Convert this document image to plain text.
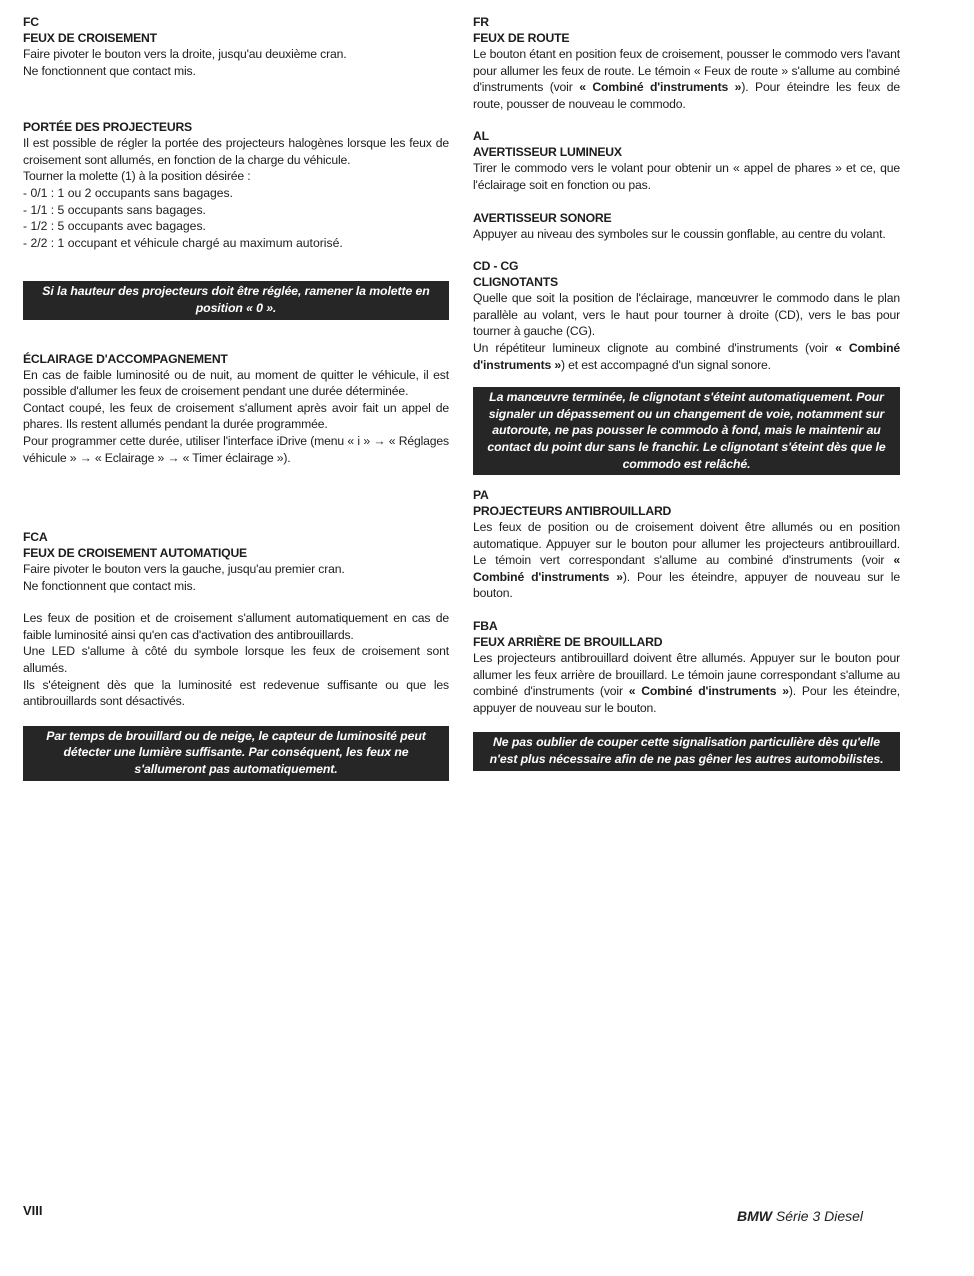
FC
FEUX DE CROISEMENT

Faire pivoter le bouton vers la droite, jusqu'au deuxième cran.

Ne fonctionnent que contact mis.

PORTÉE DES PROJECTEURS

Il est possible de régler la portée des projecteurs halogènes lorsque les feux de croisement sont allumés, en fonction de la charge du véhicule.

Tourner la molette (1) à la position désirée :

- 0/1 : 1 ou 2 occupants sans bagages.
- 1/1 : 5 occupants sans bagages.
- 1/2 : 5 occupants avec bagages.
- 2/2 : 1 occupant et véhicule chargé au maximum autorisé.
Si la hauteur des projecteurs doit être réglée, ramener la molette en position « 0 ».
ÉCLAIRAGE D'ACCOMPAGNEMENT

En cas de faible luminosité ou de nuit, au moment de quitter le véhicule, il est possible d'allumer les feux de croisement pendant une durée déterminée.

Contact coupé, les feux de croisement s'allument après avoir fait un appel de phares. Ils restent allumés pendant la durée programmée.

Pour programmer cette durée, utiliser l'interface iDrive (menu « i » → « Réglages véhicule » → « Eclairage » → « Timer éclairage »).

FCA
FEUX DE CROISEMENT AUTOMATIQUE

Faire pivoter le bouton vers la gauche, jusqu'au premier cran.

Ne fonctionnent que contact mis.

Les feux de position et de croisement s'allument automatiquement en cas de faible luminosité ainsi qu'en cas d'activation des antibrouillards.

Une LED s'allume à côté du symbole lorsque les feux de croisement sont allumés.

Ils s'éteignent dès que la luminosité est redevenue suffisante ou que les antibrouillards sont désactivés.

Par temps de brouillard ou de neige, le capteur de luminosité peut détecter une lumière suffisante. Par conséquent, les feux ne s'allumeront pas automatiquement.
FR
FEUX DE ROUTE

Le bouton étant en position feux de croisement, pousser le commodo vers l'avant pour allumer les feux de route. Le témoin « Feux de route » s'allume au combiné d'instruments (voir « Combiné d'instruments »). Pour éteindre les feux de route, pousser de nouveau le commodo.

AL
AVERTISSEUR LUMINEUX

Tirer le commodo vers le volant pour obtenir un « appel de phares » et ce, que l'éclairage soit en fonction ou pas.

AVERTISSEUR SONORE

Appuyer au niveau des symboles sur le coussin gonflable, au centre du volant.

CD - CG
CLIGNOTANTS

Quelle que soit la position de l'éclairage, manœuvrer le commodo dans le plan parallèle au volant, vers le haut pour tourner à droite (CD), vers le bas pour tourner à gauche (CG).

Un répétiteur lumineux clignote au combiné d'instruments (voir « Combiné d'instruments ») et est accompagné d'un signal sonore.

La manœuvre terminée, le clignotant s'éteint automatiquement. Pour signaler un dépassement ou un changement de voie, notamment sur autoroute, ne pas pousser le commodo à fond, mais le maintenir au contact du point dur sans le franchir. Le clignotant s'éteint dès que le commodo est relâché.
PA
PROJECTEURS ANTIBROUILLARD

Les feux de position ou de croisement doivent être allumés ou en position automatique. Appuyer sur le bouton pour allumer les projecteurs antibrouillard. Le témoin vert correspondant s'allume au combiné d'instruments (voir « Combiné d'instruments »). Pour les éteindre, appuyer de nouveau sur le bouton.

FBA
FEUX ARRIÈRE DE BROUILLARD

Les projecteurs antibrouillard doivent être allumés. Appuyer sur le bouton pour allumer les feux arrière de brouillard. Le témoin jaune correspondant s'allume au combiné d'instruments (voir « Combiné d'instruments »). Pour les éteindre, appuyer de nouveau sur le bouton.

Ne pas oublier de couper cette signalisation particulière dès qu'elle n'est plus nécessaire afin de ne pas gêner les autres automobilistes.
VIII	BMW Série 3 Diesel
